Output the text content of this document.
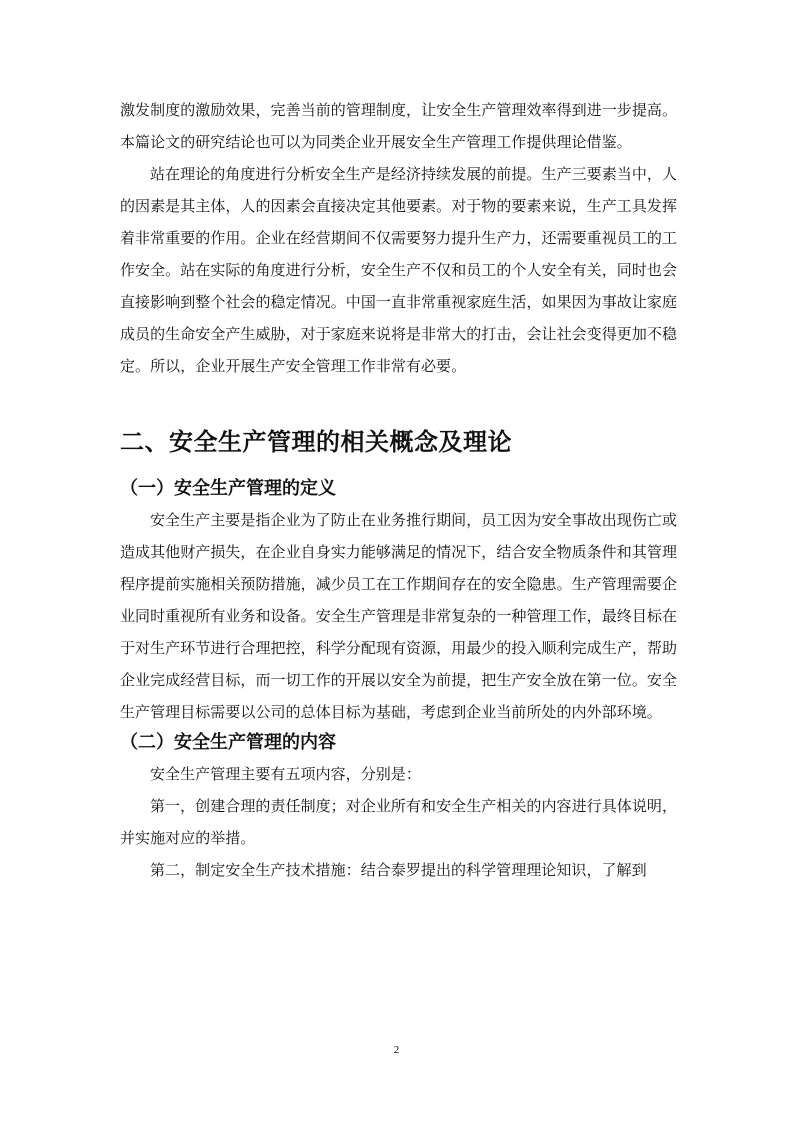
激发制度的激励效果，完善当前的管理制度，让安全生产管理效率得到进一步提高。本篇论文的研究结论也可以为同类企业开展安全生产管理工作提供理论借鉴。

站在理论的角度进行分析安全生产是经济持续发展的前提。生产三要素当中，人的因素是其主体，人的因素会直接决定其他要素。对于物的要素来说，生产工具发挥着非常重要的作用。企业在经营期间不仅需要努力提升生产力，还需要重视员工的工作安全。站在实际的角度进行分析，安全生产不仅和员工的个人安全有关，同时也会直接影响到整个社会的稳定情况。中国一直非常重视家庭生活，如果因为事故让家庭成员的生命安全产生威胁，对于家庭来说将是非常大的打击，会让社会变得更加不稳定。所以，企业开展生产安全管理工作非常有必要。

二、安全生产管理的相关概念及理论
（一）安全生产管理的定义

安全生产主要是指企业为了防止在业务推行期间，员工因为安全事故出现伤亡或造成其他财产损失，在企业自身实力能够满足的情况下，结合安全物质条件和其管理程序提前实施相关预防措施，减少员工在工作期间存在的安全隐患。生产管理需要企业同时重视所有业务和设备。安全生产管理是非常复杂的一种管理工作，最终目标在于对生产环节进行合理把控，科学分配现有资源，用最少的投入顺利完成生产，帮助企业完成经营目标，而一切工作的开展以安全为前提，把生产安全放在第一位。安全生产管理目标需要以公司的总体目标为基础，考虑到企业当前所处的内外部环境。

（二）安全生产管理的内容

安全生产管理主要有五项内容，分别是：

第一，创建合理的责任制度；对企业所有和安全生产相关的内容进行具体说明，并实施对应的举措。

第二，制定安全生产技术措施：结合泰罗提出的科学管理理论知识，了解到

2
